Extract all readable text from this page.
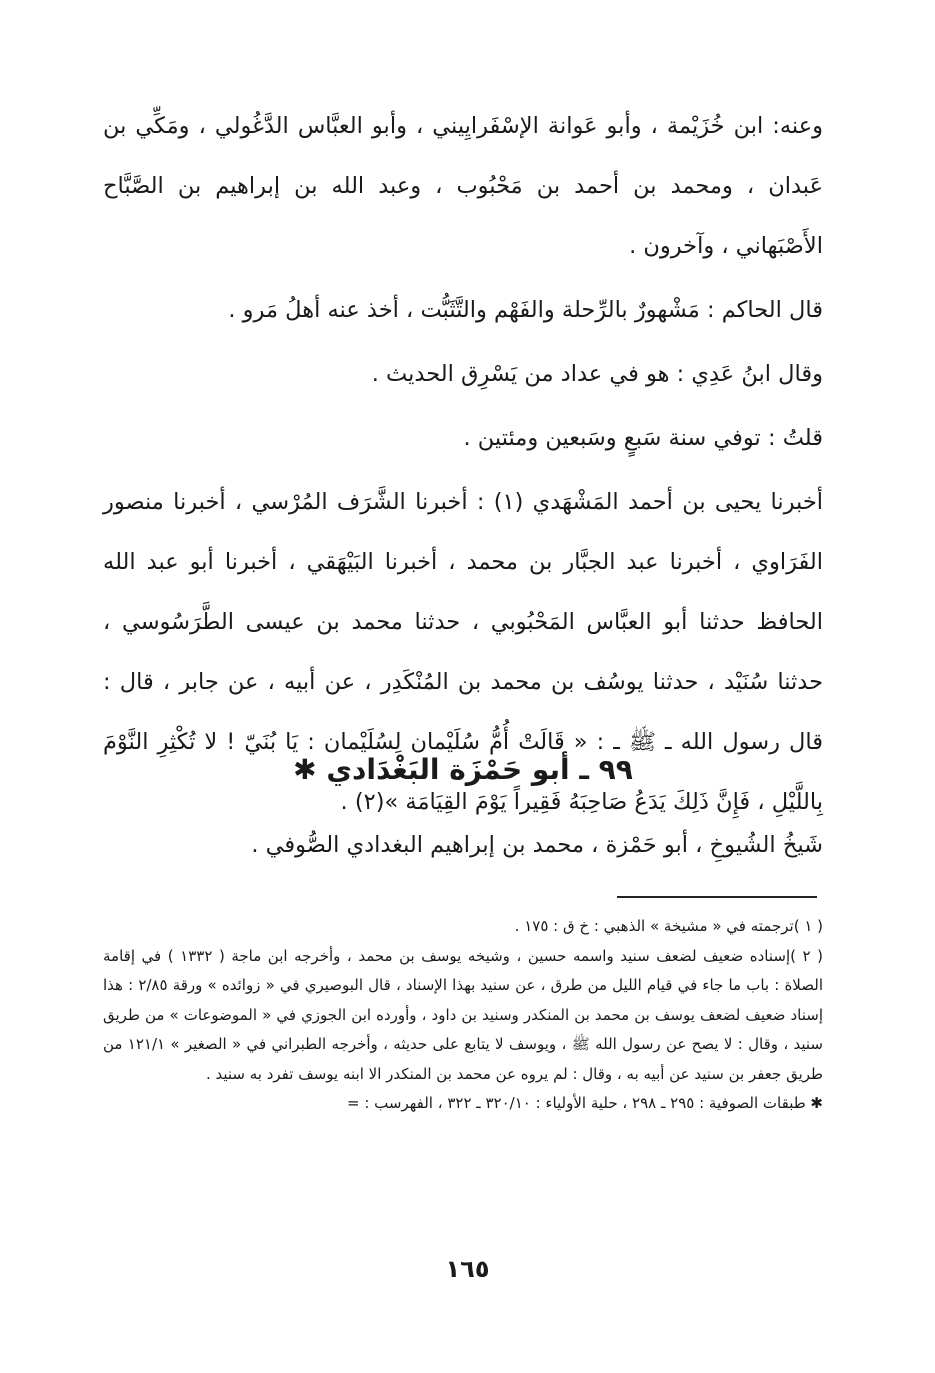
وعنه: ابن خُزَيْمة ، وأبو عَوانة الإسْفَرايِيني ، وأبو العبَّاس الدَّغُولي ، ومَكِّي بن عَبدان ، ومحمد بن أحمد بن مَحْبُوب ، وعبد الله بن إبراهيم بن الصَّبَّاح الأَصْبَهاني ، وآخرون .

قال الحاكم : مَشْهورٌ بالرِّحلة والفَهْم والتَّثَبُّت ، أخذ عنه أهلُ مَرو .

وقال ابنُ عَدِي : هو في عداد من يَسْرِق الحديث .

قلتُ : توفي سنة سَبعٍ وسَبعين ومئتين .

أخبرنا يحيى بن أحمد المَشْهَدي (١) : أخبرنا الشَّرَف المُرْسي ، أخبرنا منصور الفَرَاوي ، أخبرنا عبد الجبَّار بن محمد ، أخبرنا البَيْهَقي ، أخبرنا أبو عبد الله الحافظ حدثنا أبو العبَّاس المَحْبُوبي ، حدثنا محمد بن عيسى الطَّرَسُوسي ، حدثنا سُنَيْد ، حدثنا يوسُف بن محمد بن المُنْكَدِر ، عن أبيه ، عن جابر ، قال : قال رسول الله ـ ﷺ ـ : « قَالَتْ أُمُّ سُلَيْمان لِسُلَيْمان : يَا بُنَيّ ! لا تُكْثِرِ النَّوْمَ بِاللَّيْلِ ، فَإِنَّ ذَلِكَ يَدَعُ صَاحِبَهُ فَقِيراً يَوْمَ القِيَامَة »(٢) .

٩٩ ـ أبو حَمْزَة البَغْدَادي ✱
شَيخُ الشُيوخِ ، أبو حَمْزة ، محمد بن إبراهيم البغدادي الصُّوفي .

( ١ )ترجمته في « مشيخة » الذهبي : خ ق : ١٧٥ .

( ٢ )إسناده ضعيف لضعف سنيد واسمه حسين ، وشيخه يوسف بن محمد ، وأخرجه ابن ماجة ( ١٣٣٢ ) في إقامة الصلاة : باب ما جاء في قيام الليل من طرق ، عن سنيد بهذا الإسناد ، قال البوصيري في « زوائده » ورقة ٢/٨٥ : هذا إسناد ضعيف لضعف يوسف بن محمد بن المنكدر وسنيد بن داود ، وأورده ابن الجوزي في « الموضوعات » من طريق سنيد ، وقال : لا يصح عن رسول الله ﷺ ، ويوسف لا يتابع على حديثه ، وأخرجه الطبراني في « الصغير » ١٢١/١ من طريق جعفر بن سنيد عن أبيه به ، وقال : لم يروه عن محمد بن المنكدر الا ابنه يوسف تفرد به سنيد .

✱ طبقات الصوفية : ٢٩٥ ـ ٢٩٨ ، حلية الأولياء : ٣٢٠/١٠ ـ ٣٢٢ ، الفهرسب : =

١٦٥
